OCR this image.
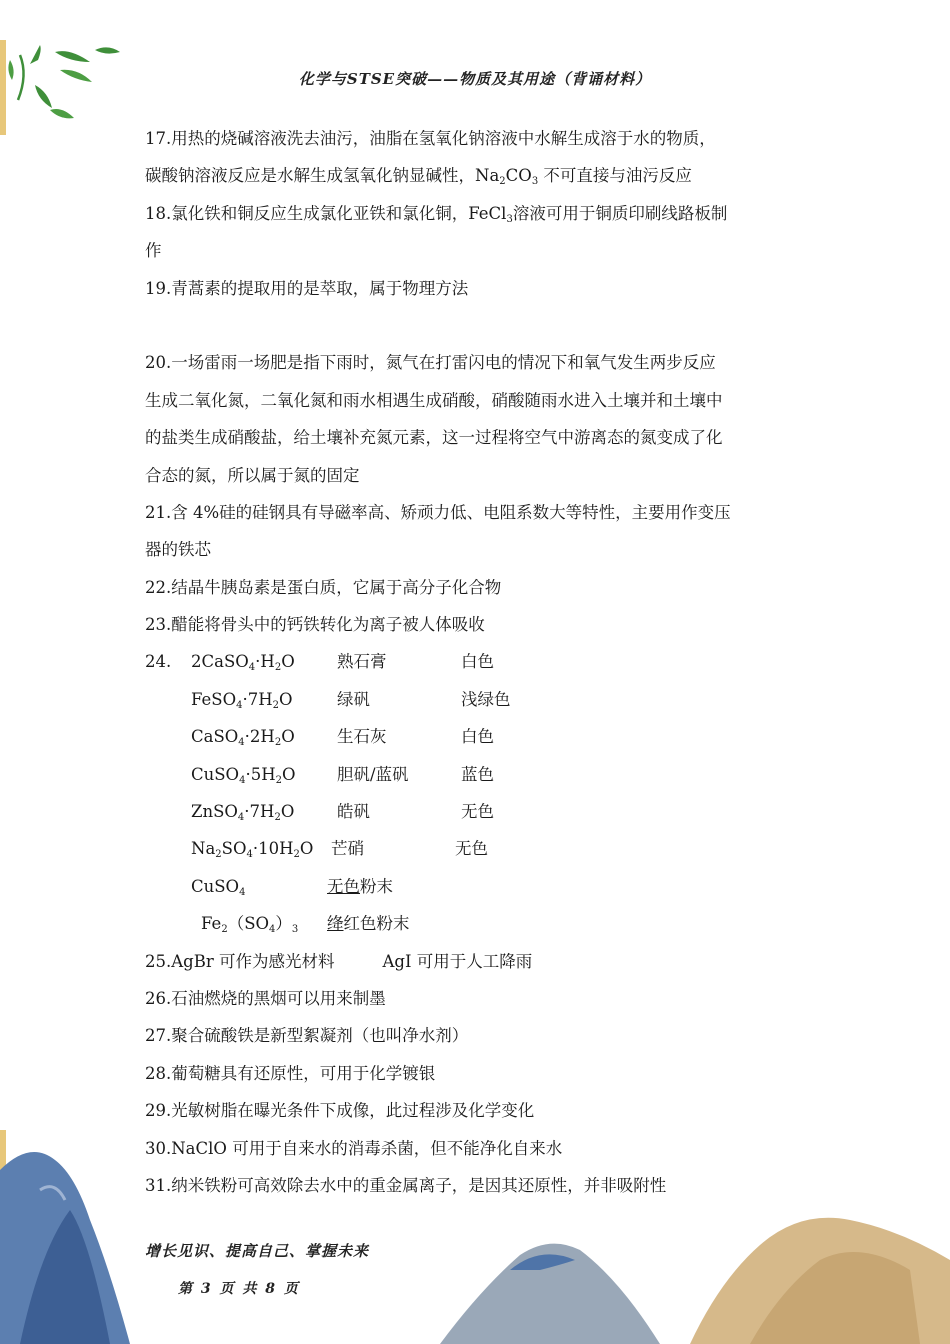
化学与STSE突破——物质及其用途（背诵材料）
17.用热的烧碱溶液洗去油污，油脂在氢氧化钠溶液中水解生成溶于水的物质，
碳酸钠溶液反应是水解生成氢氧化钠显碱性，$Na_2CO_3$ 不可直接与油污反应
18.氯化铁和铜反应生成氯化亚铁和氯化铜，FeCl$_3$溶液可用于铜质印刷线路板制
作
19.青蒿素的提取用的是萃取，属于物理方法
20.一场雷雨一场肥是指下雨时，氮气在打雷闪电的情况下和氧气发生两步反应
生成二氧化氮，二氧化氮和雨水相遇生成硝酸，硝酸随雨水进入土壤并和土壤中
的盐类生成硝酸盐，给土壤补充氮元素，这一过程将空气中游离态的氮变成了化
合态的氮，所以属于氮的固定
21.含 4%硅的硅钢具有导磁率高、矫顽力低、电阻系数大等特性，主要用作变压
器的铁芯
22.结晶牛胰岛素是蛋白质，它属于高分子化合物
23.醋能将骨头中的钙铁转化为离子被人体吸收
24. $2CaSO_4\cdot H_2O$	熟石膏	白色
$FeSO_4\cdot 7H_2O$	绿矾	浅绿色
$CaSO_4\cdot 2H_2O$	生石灰	白色
$CuSO_4\cdot 5H_2O$	胆矾/蓝矾	蓝色
$ZnSO_4\cdot 7H_2O$	皓矾	无色
$Na_2SO_4\cdot 10H_2O$ 芒硝	无色
CuSO$_4$	无色粉末
$Fe_2(SO_4)_3$ 绛红色粉末
25.AgBr 可作为感光材料	AgI 可用于人工降雨
26.石油燃烧的黑烟可以用来制墨
27.聚合硫酸铁是新型絮凝剂（也叫净水剂）
28.葡萄糖具有还原性，可用于化学镀银
29.光敏树脂在曝光条件下成像，此过程涉及化学变化
30.NaClO 可用于自来水的消毒杀菌，但不能净化自来水
31.纳米铁粉可高效除去水中的重金属离子，是因其还原性，并非吸附性
增长见识、提高自己、掌握未来
第 3 页 共 8 页
